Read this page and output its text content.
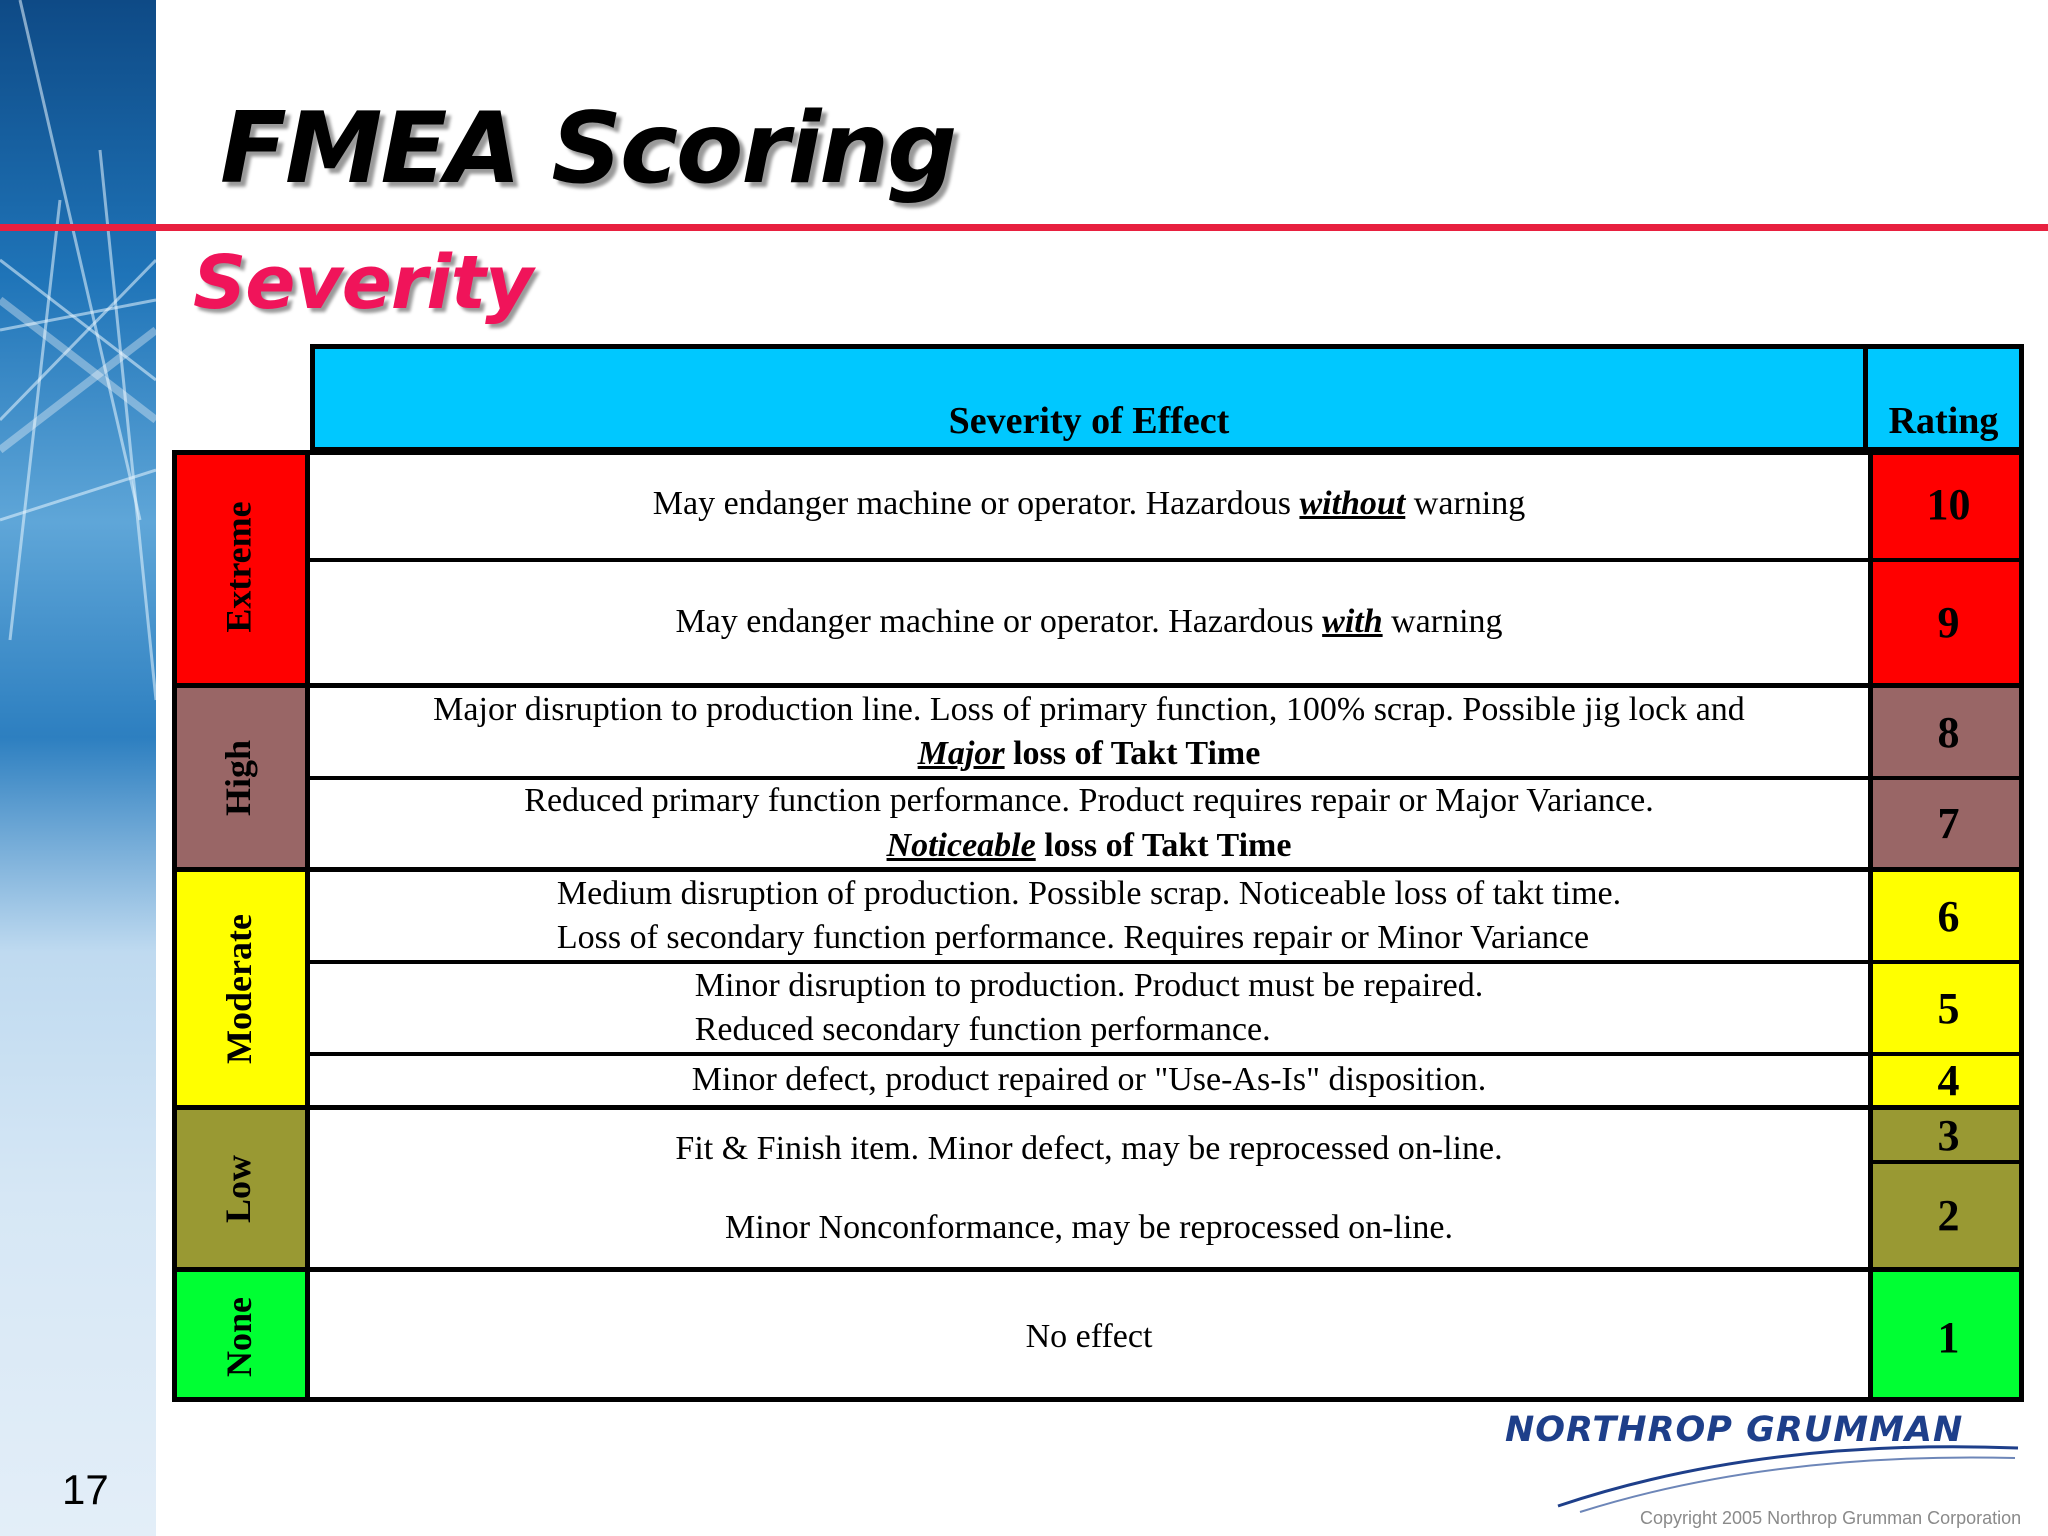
FMEA Scoring
Severity
Severity of Effect	Rating
Extreme
High
Moderate
Low
None
May endanger machine or operator. Hazardous without warning
May endanger machine or operator. Hazardous with warning
Major disruption to production line. Loss of primary function, 100% scrap. Possible jig lock and
Major loss of Takt Time
Reduced primary function performance. Product requires repair or Major Variance.
Noticeable loss of Takt Time
Medium disruption of production. Possible scrap. Noticeable loss of takt time.
Loss of secondary function performance. Requires repair or Minor Variance
Minor disruption to production. Product must be repaired.
Reduced secondary function performance.
Minor defect, product repaired or "Use-As-Is" disposition.
Fit & Finish item. Minor defect, may be reprocessed on-line.
Minor Nonconformance, may be reprocessed on-line.
No effect
10
9
8
7
6
5
4
3
2
1
17
NORTHROP GRUMMAN
Copyright 2005 Northrop Grumman Corporation
